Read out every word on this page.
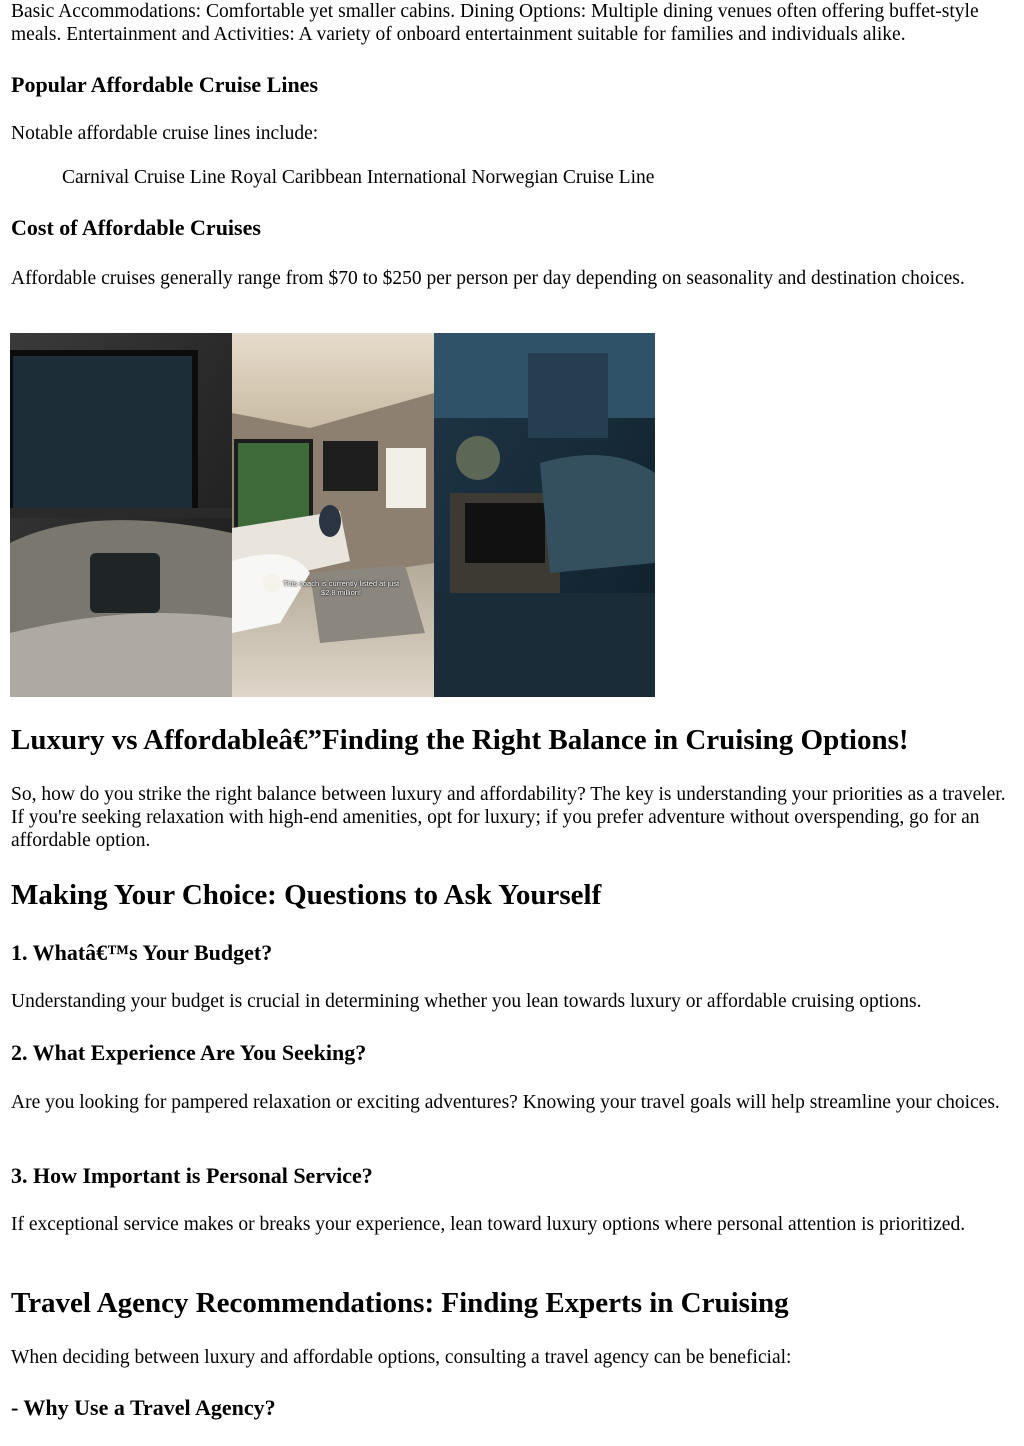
Basic Accommodations: Comfortable yet smaller cabins. Dining Options: Multiple dining venues often offering buffet-style meals. Entertainment and Activities: A variety of onboard entertainment suitable for families and individuals alike.

Popular Affordable Cruise Lines

Notable affordable cruise lines include:

Carnival Cruise Line Royal Caribbean International Norwegian Cruise Line

Cost of Affordable Cruises

Affordable cruises generally range from $70 to $250 per person per day depending on seasonality and destination choices.

This coach is currently listed at just $2.8 million!
Luxury vs Affordableâ€”Finding the Right Balance in Cruising Options!

So, how do you strike the right balance between luxury and affordability? The key is understanding your priorities as a traveler. If you're seeking relaxation with high-end amenities, opt for luxury; if you prefer adventure without overspending, go for an affordable option.

Making Your Choice: Questions to Ask Yourself
1. Whatâ€™s Your Budget?

Understanding your budget is crucial in determining whether you lean towards luxury or affordable cruising options.

2. What Experience Are You Seeking?

Are you looking for pampered relaxation or exciting adventures? Knowing your travel goals will help streamline your choices.

3. How Important is Personal Service?

If exceptional service makes or breaks your experience, lean toward luxury options where personal attention is prioritized.

Travel Agency Recommendations: Finding Experts in Cruising

When deciding between luxury and affordable options, consulting a travel agency can be beneficial:

- Why Use a Travel Agency?
